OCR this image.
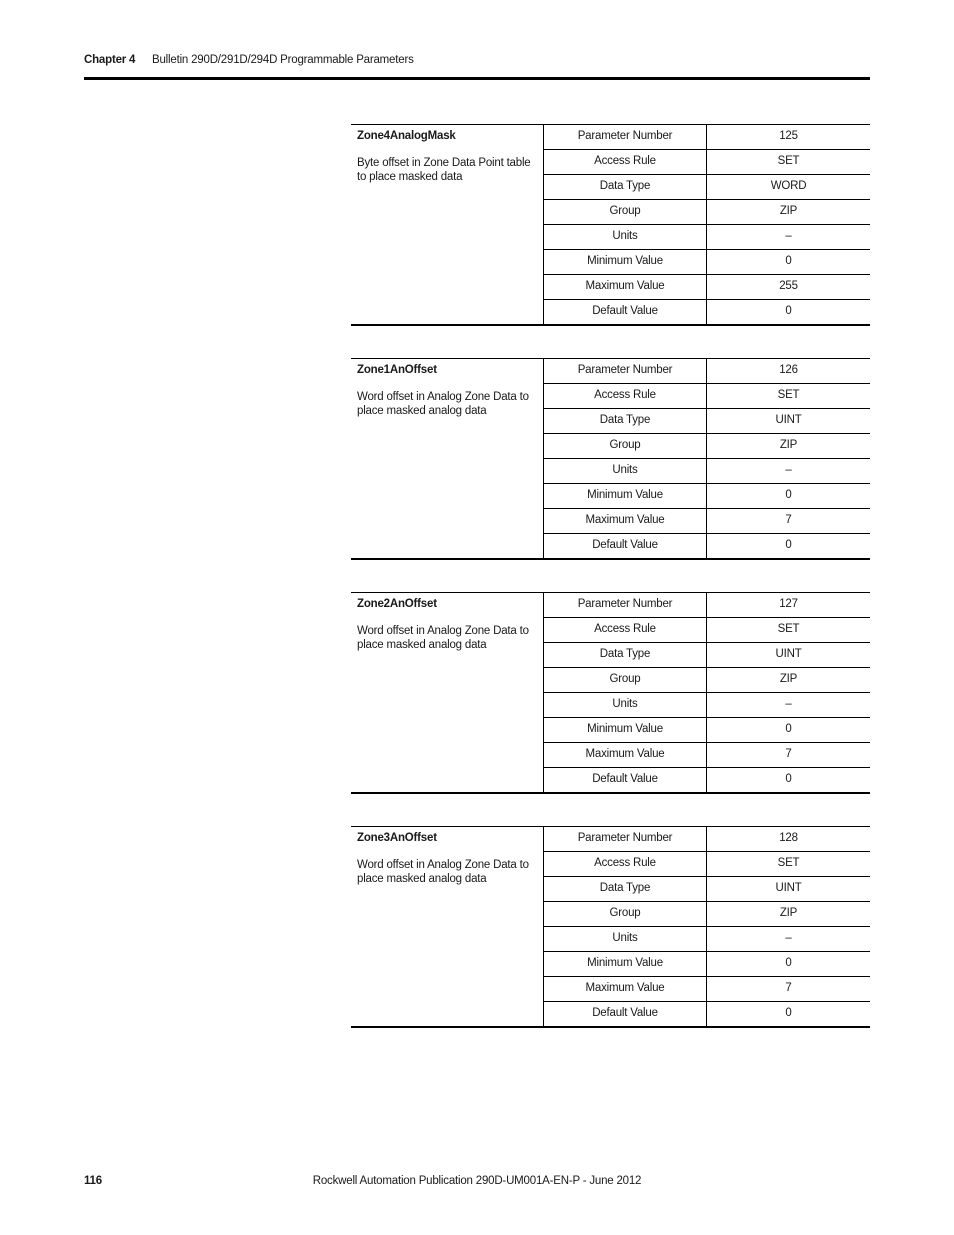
Chapter 4 Bulletin 290D/291D/294D Programmable Parameters
Zone4AnalogMask
Byte offset in Zone Data Point table to place masked data
Parameter Number	125
Access Rule	SET
Data Type	WORD
Group	ZIP
Units	–
Minimum Value	0
Maximum Value	255
Default Value	0
Zone1AnOffset
Word offset in Analog Zone Data to place masked analog data
Parameter Number	126
Access Rule	SET
Data Type	UINT
Group	ZIP
Units	–
Minimum Value	0
Maximum Value	7
Default Value	0
Zone2AnOffset
Word offset in Analog Zone Data to place masked analog data
Parameter Number	127
Access Rule	SET
Data Type	UINT
Group	ZIP
Units	–
Minimum Value	0
Maximum Value	7
Default Value	0
Zone3AnOffset
Word offset in Analog Zone Data to place masked analog data
Parameter Number	128
Access Rule	SET
Data Type	UINT
Group	ZIP
Units	–
Minimum Value	0
Maximum Value	7
Default Value	0
116	Rockwell Automation Publication 290D-UM001A-EN-P - June 2012
